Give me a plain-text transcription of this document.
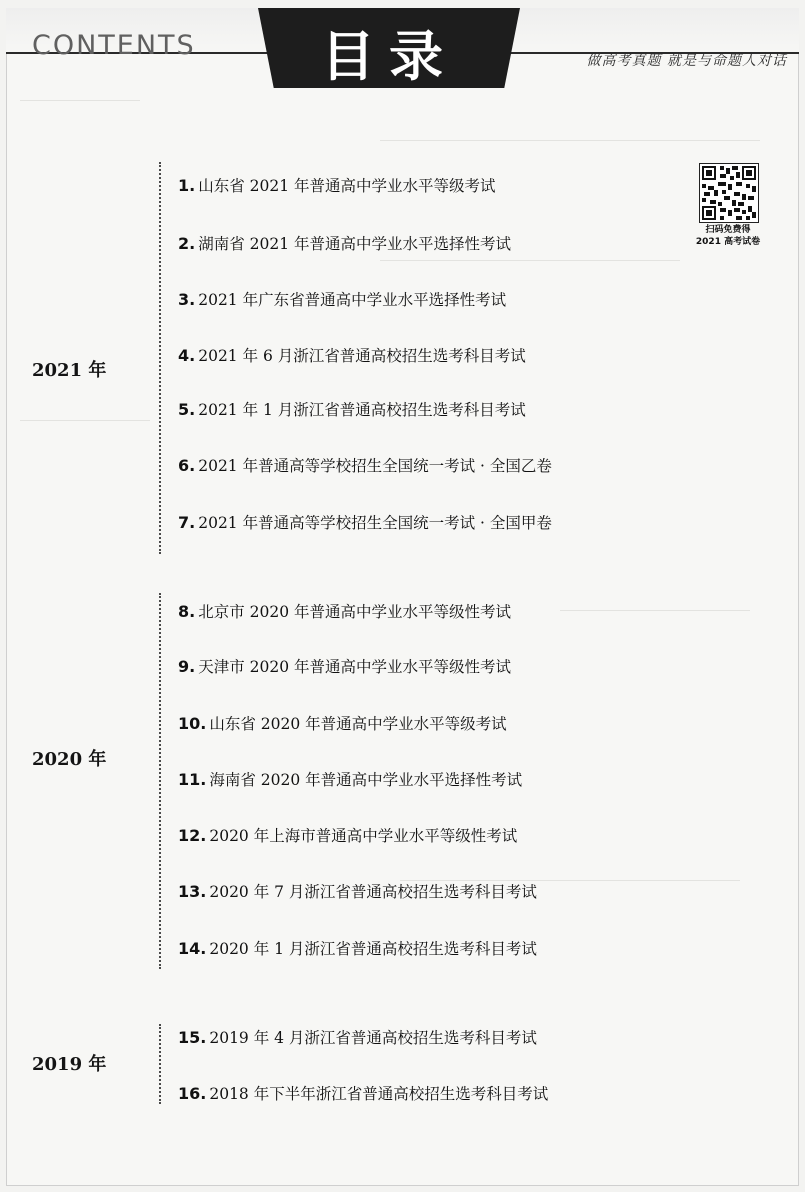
CONTENTS	目录	做高考真题 就是与命题人对话
扫码免费得
2021 高考试卷
2021 年
2020 年
2019 年
1. 山东省 2021 年普通高中学业水平等级考试
2. 湖南省 2021 年普通高中学业水平选择性考试
3. 2021 年广东省普通高中学业水平选择性考试
4. 2021 年 6 月浙江省普通高校招生选考科目考试
5. 2021 年 1 月浙江省普通高校招生选考科目考试
6. 2021 年普通高等学校招生全国统一考试 · 全国乙卷
7. 2021 年普通高等学校招生全国统一考试 · 全国甲卷
8. 北京市 2020 年普通高中学业水平等级性考试
9. 天津市 2020 年普通高中学业水平等级性考试
10. 山东省 2020 年普通高中学业水平等级考试
11. 海南省 2020 年普通高中学业水平选择性考试
12. 2020 年上海市普通高中学业水平等级性考试
13. 2020 年 7 月浙江省普通高校招生选考科目考试
14. 2020 年 1 月浙江省普通高校招生选考科目考试
15. 2019 年 4 月浙江省普通高校招生选考科目考试
16. 2018 年下半年浙江省普通高校招生选考科目考试
